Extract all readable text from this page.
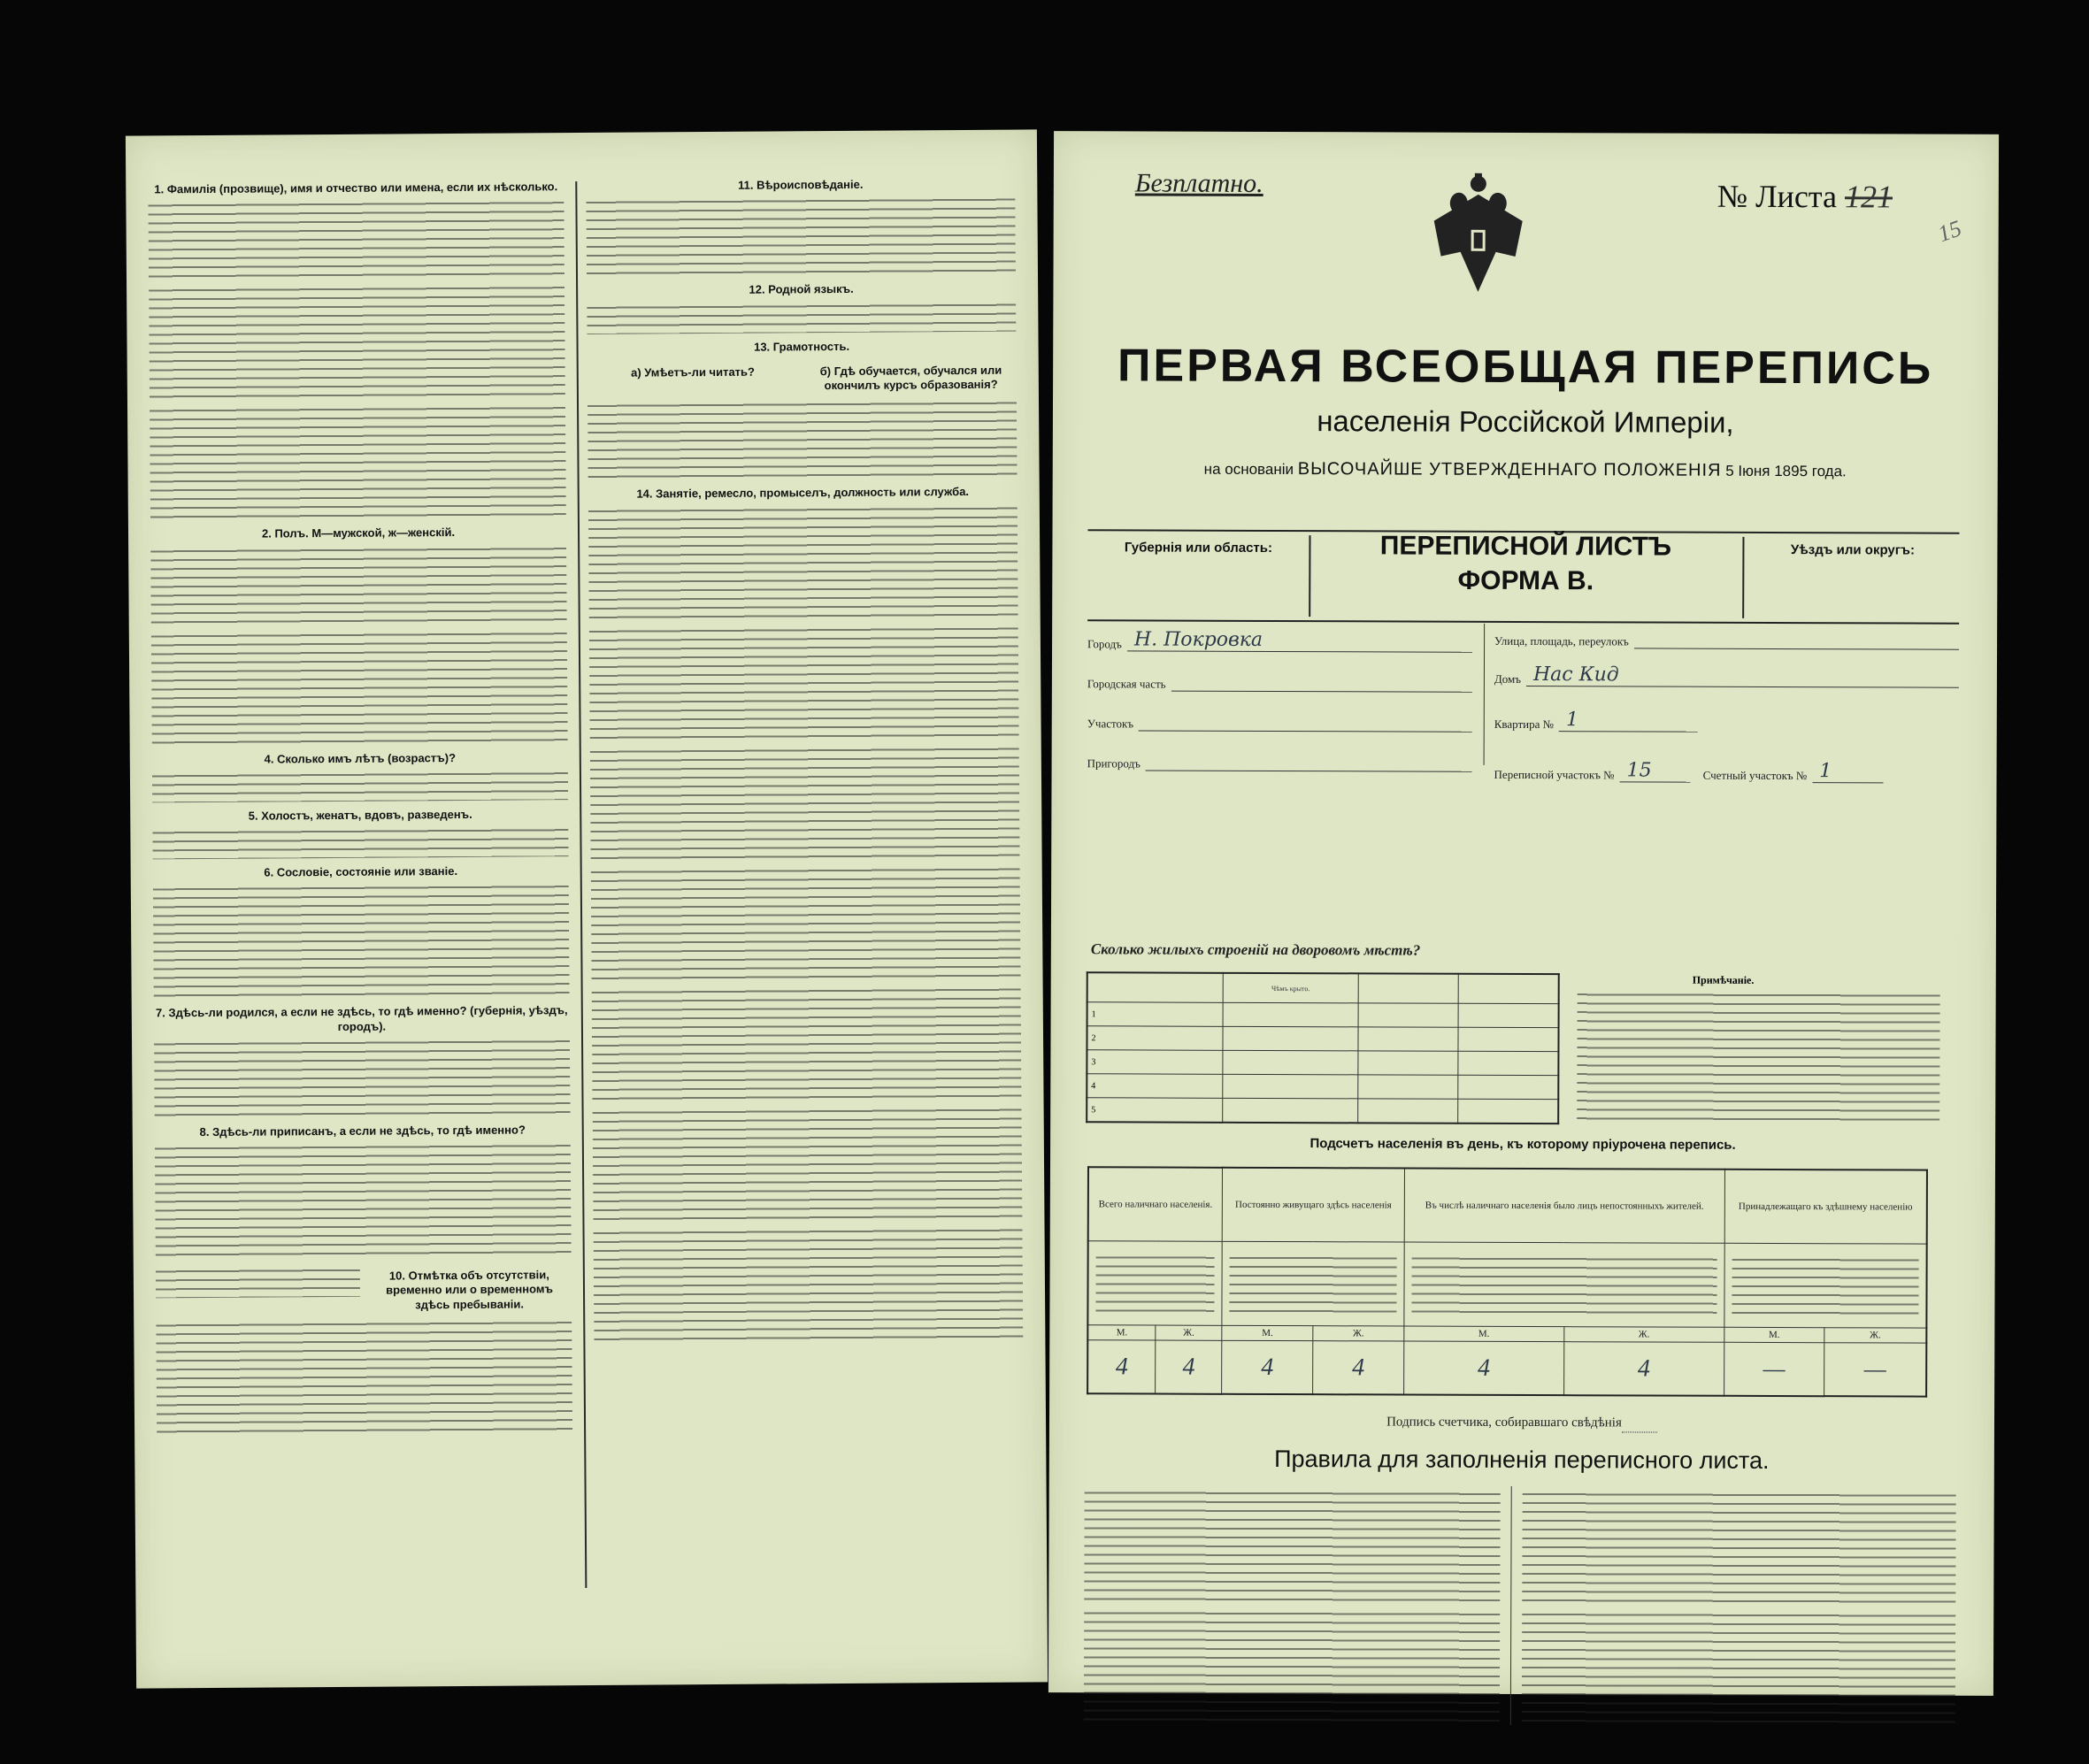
1. Фамилія (прозвище), имя и отчество или имена, если их нѣсколько.
2. Полъ. М—мужской, ж—женскій.
4. Сколько имъ лѣтъ (возрастъ)?
5. Холостъ, женатъ, вдовъ, разведенъ.
6. Сословіе, состояніе или званіе.
7. Здѣсь-ли родился, а если не здѣсь, то гдѣ именно? (губернія, уѣздъ, городъ).
8. Здѣсь-ли приписанъ, а если не здѣсь, то гдѣ именно?
10. Отмѣтка объ отсутствіи, временно или о временномъ здѣсь пребываніи.
11. Вѣроисповѣданіе.
12. Родной языкъ.
13. Грамотность.
а) Умѣетъ-ли читать?	б) Гдѣ обучается, обучался или окончилъ курсъ образованія?
14. Занятіе, ремесло, промыселъ, должность или служба.
Безплатно.	№ Листа 121
15
ПЕРВАЯ ВСЕОБЩАЯ ПЕРЕПИСЬ
населенія Россійской Имперіи,
на основаніи ВЫСОЧАЙШЕ УТВЕРЖДЕННАГО ПОЛОЖЕНІЯ 5 Іюня 1895 года.
Губернія или область:	ПЕРЕПИСНОЙ ЛИСТЪ
ФОРМА В.
Уѣздъ или округъ:
Городъ Н. Покровка
Городская часть
Участокъ
Пригородъ
Улица, площадь, переулокъ
Домъ Нас Кид
Квартира № 1
Переписной участокъ № 15	Счетный участокъ № 1
Сколько жилыхъ строеній на дворовомъ мѣстѣ?
	Чѣмъ крыто.		
1			
2			
3			
4			
5			
Примѣчаніе.
Подсчетъ населенія въ день, къ которому пріурочена перепись.
Всего наличнаго населенія.		Постоянно живущаго здѣсь населенія		Въ числѣ наличнаго населенія было лицъ непостоянныхъ жителей.		Принадлежащаго къ здѣшнему населенію	

М.	Ж.	М.	Ж.	М.	Ж.	М.	Ж.
4	4	4	4	4	4	—	—
Подпись счетчика, собиравшаго свѣдѣнія
Правила для заполненія переписного листа.
